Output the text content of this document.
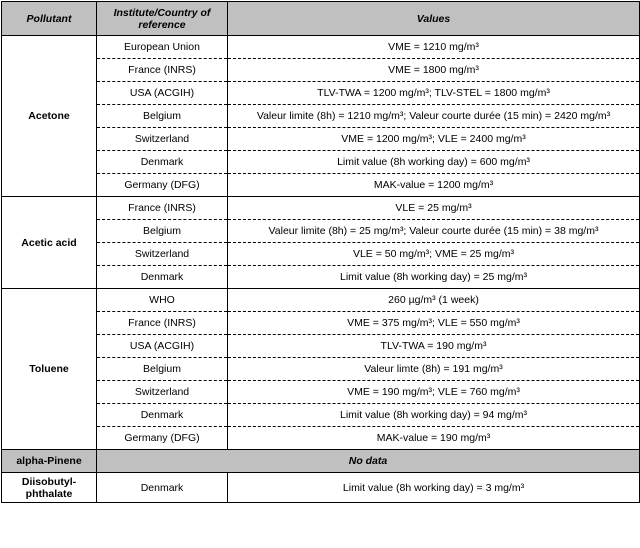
Pollutant	Institute/Country of reference	Values
Acetone	European Union	VME = 1210 mg/m³
	France (INRS)	VME = 1800 mg/m³
	USA (ACGIH)	TLV-TWA = 1200 mg/m³; TLV-STEL = 1800 mg/m³
	Belgium	Valeur limite (8h) = 1210 mg/m³; Valeur courte durée (15 min) = 2420 mg/m³
	Switzerland	VME = 1200 mg/m³; VLE = 2400 mg/m³
	Denmark	Limit value (8h working day) = 600 mg/m³
	Germany (DFG)	MAK-value = 1200 mg/m³
Acetic acid	France (INRS)	VLE = 25 mg/m³
	Belgium	Valeur limite (8h) = 25 mg/m³; Valeur courte durée (15 min) = 38 mg/m³
	Switzerland	VLE = 50 mg/m³; VME = 25 mg/m³
	Denmark	Limit value (8h working day) = 25 mg/m³
Toluene	WHO	260 µg/m³ (1 week)
	France (INRS)	VME = 375 mg/m³; VLE = 550 mg/m³
	USA (ACGIH)	TLV-TWA = 190 mg/m³
	Belgium	Valeur limte (8h) = 191 mg/m³
	Switzerland	VME = 190 mg/m³; VLE = 760 mg/m³
	Denmark	Limit value (8h working day) = 94 mg/m³
	Germany (DFG)	MAK-value = 190 mg/m³
alpha-Pinene	No data	
Diisobutyl-phthalate	Denmark	Limit value (8h working day) = 3 mg/m³
